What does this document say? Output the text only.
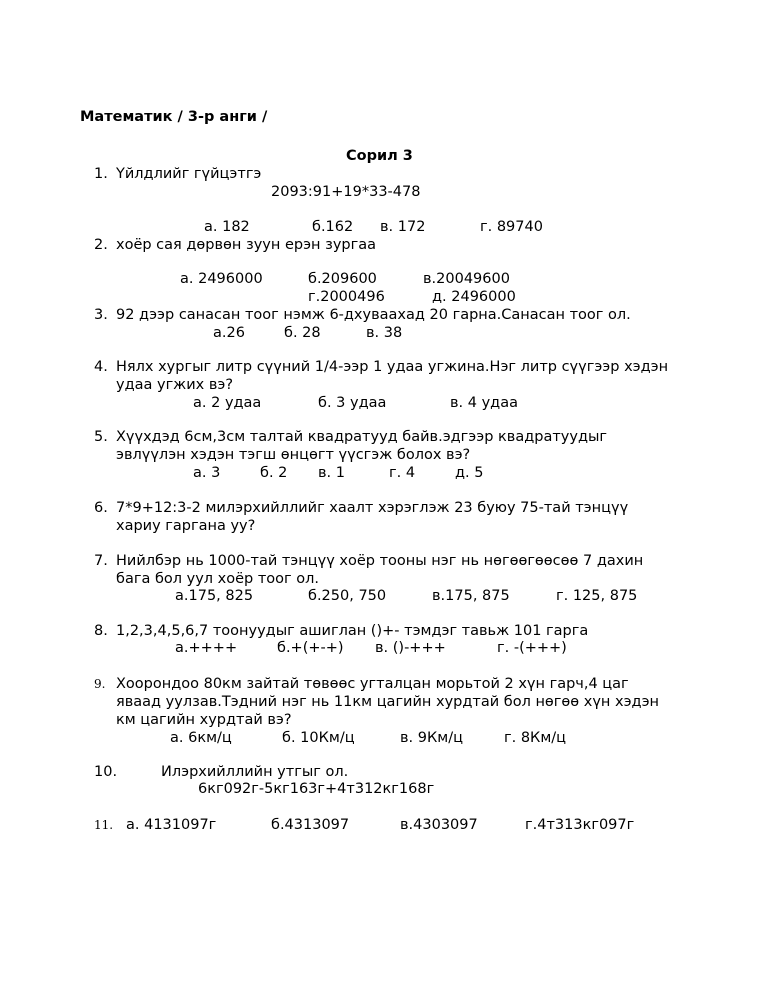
Математик / 3-р анги /
Сорил 3
1. Үйлдлийг гүйцэтгэ
2093:91+19*33-478
а. 182	б.162 в. 172	г. 89740
2. хоёр сая дөрвөн зуун ерэн зургаа
а. 2496000	б.209600	в.20049600
г.2000496	д. 2496000
3. 92 дээр санасан тоог нэмж 6-дхуваахад 20 гарна.Санасан тоог ол.
а.26	б. 28	в. 38
4. Нялх хургыг литр сүүний 1/4-ээр 1 удаа угжина.Нэг литр сүүгээр хэдэн
удаа угжих вэ?
а. 2 удаа	б. 3 удаа	в. 4 удаа
5. Хүүхдэд 6см,3см талтай квадратууд байв.эдгээр квадратуудыг
эвлүүлэн хэдэн тэгш өнцөгт үүсгэж болох вэ?
а. 3	б. 2 в. 1	г. 4	д. 5
6. 7*9+12:3-2 милэрхийллийг хаалт хэрэглэж 23 буюу 75-тай тэнцүү
хариу гаргана уу?
7. Нийлбэр нь 1000-тай тэнцүү хоёр тооны нэг нь нөгөөгөөсөө 7 дахин
бага бол уул хоёр тоог ол.
а.175, 825	б.250, 750	в.175, 875	г. 125, 875
8. 1,2,3,4,5,6,7 тоонуудыг ашиглан ()+- тэмдэг тавьж 101 гарга
а.++++	б.+(+-+) в. ()-+++	г. -(+++)
9. Хоорондоо 80км зайтай төвөөс угталцан морьтой 2 хүн гарч,4 цаг
яваад уулзав.Тэдний нэг нь 11км цагийн хурдтай бол нөгөө хүн хэдэн
км цагийн хурдтай вэ?
а. 6км/ц	б. 10Км/ц	в. 9Км/ц	г. 8Км/ц
10.	Илэрхийллийн утгыг ол.
6кг092г-5кг163г+4т312кг168г
11. а. 4131097г	б.4313097	в.4303097	г.4т313кг097г
